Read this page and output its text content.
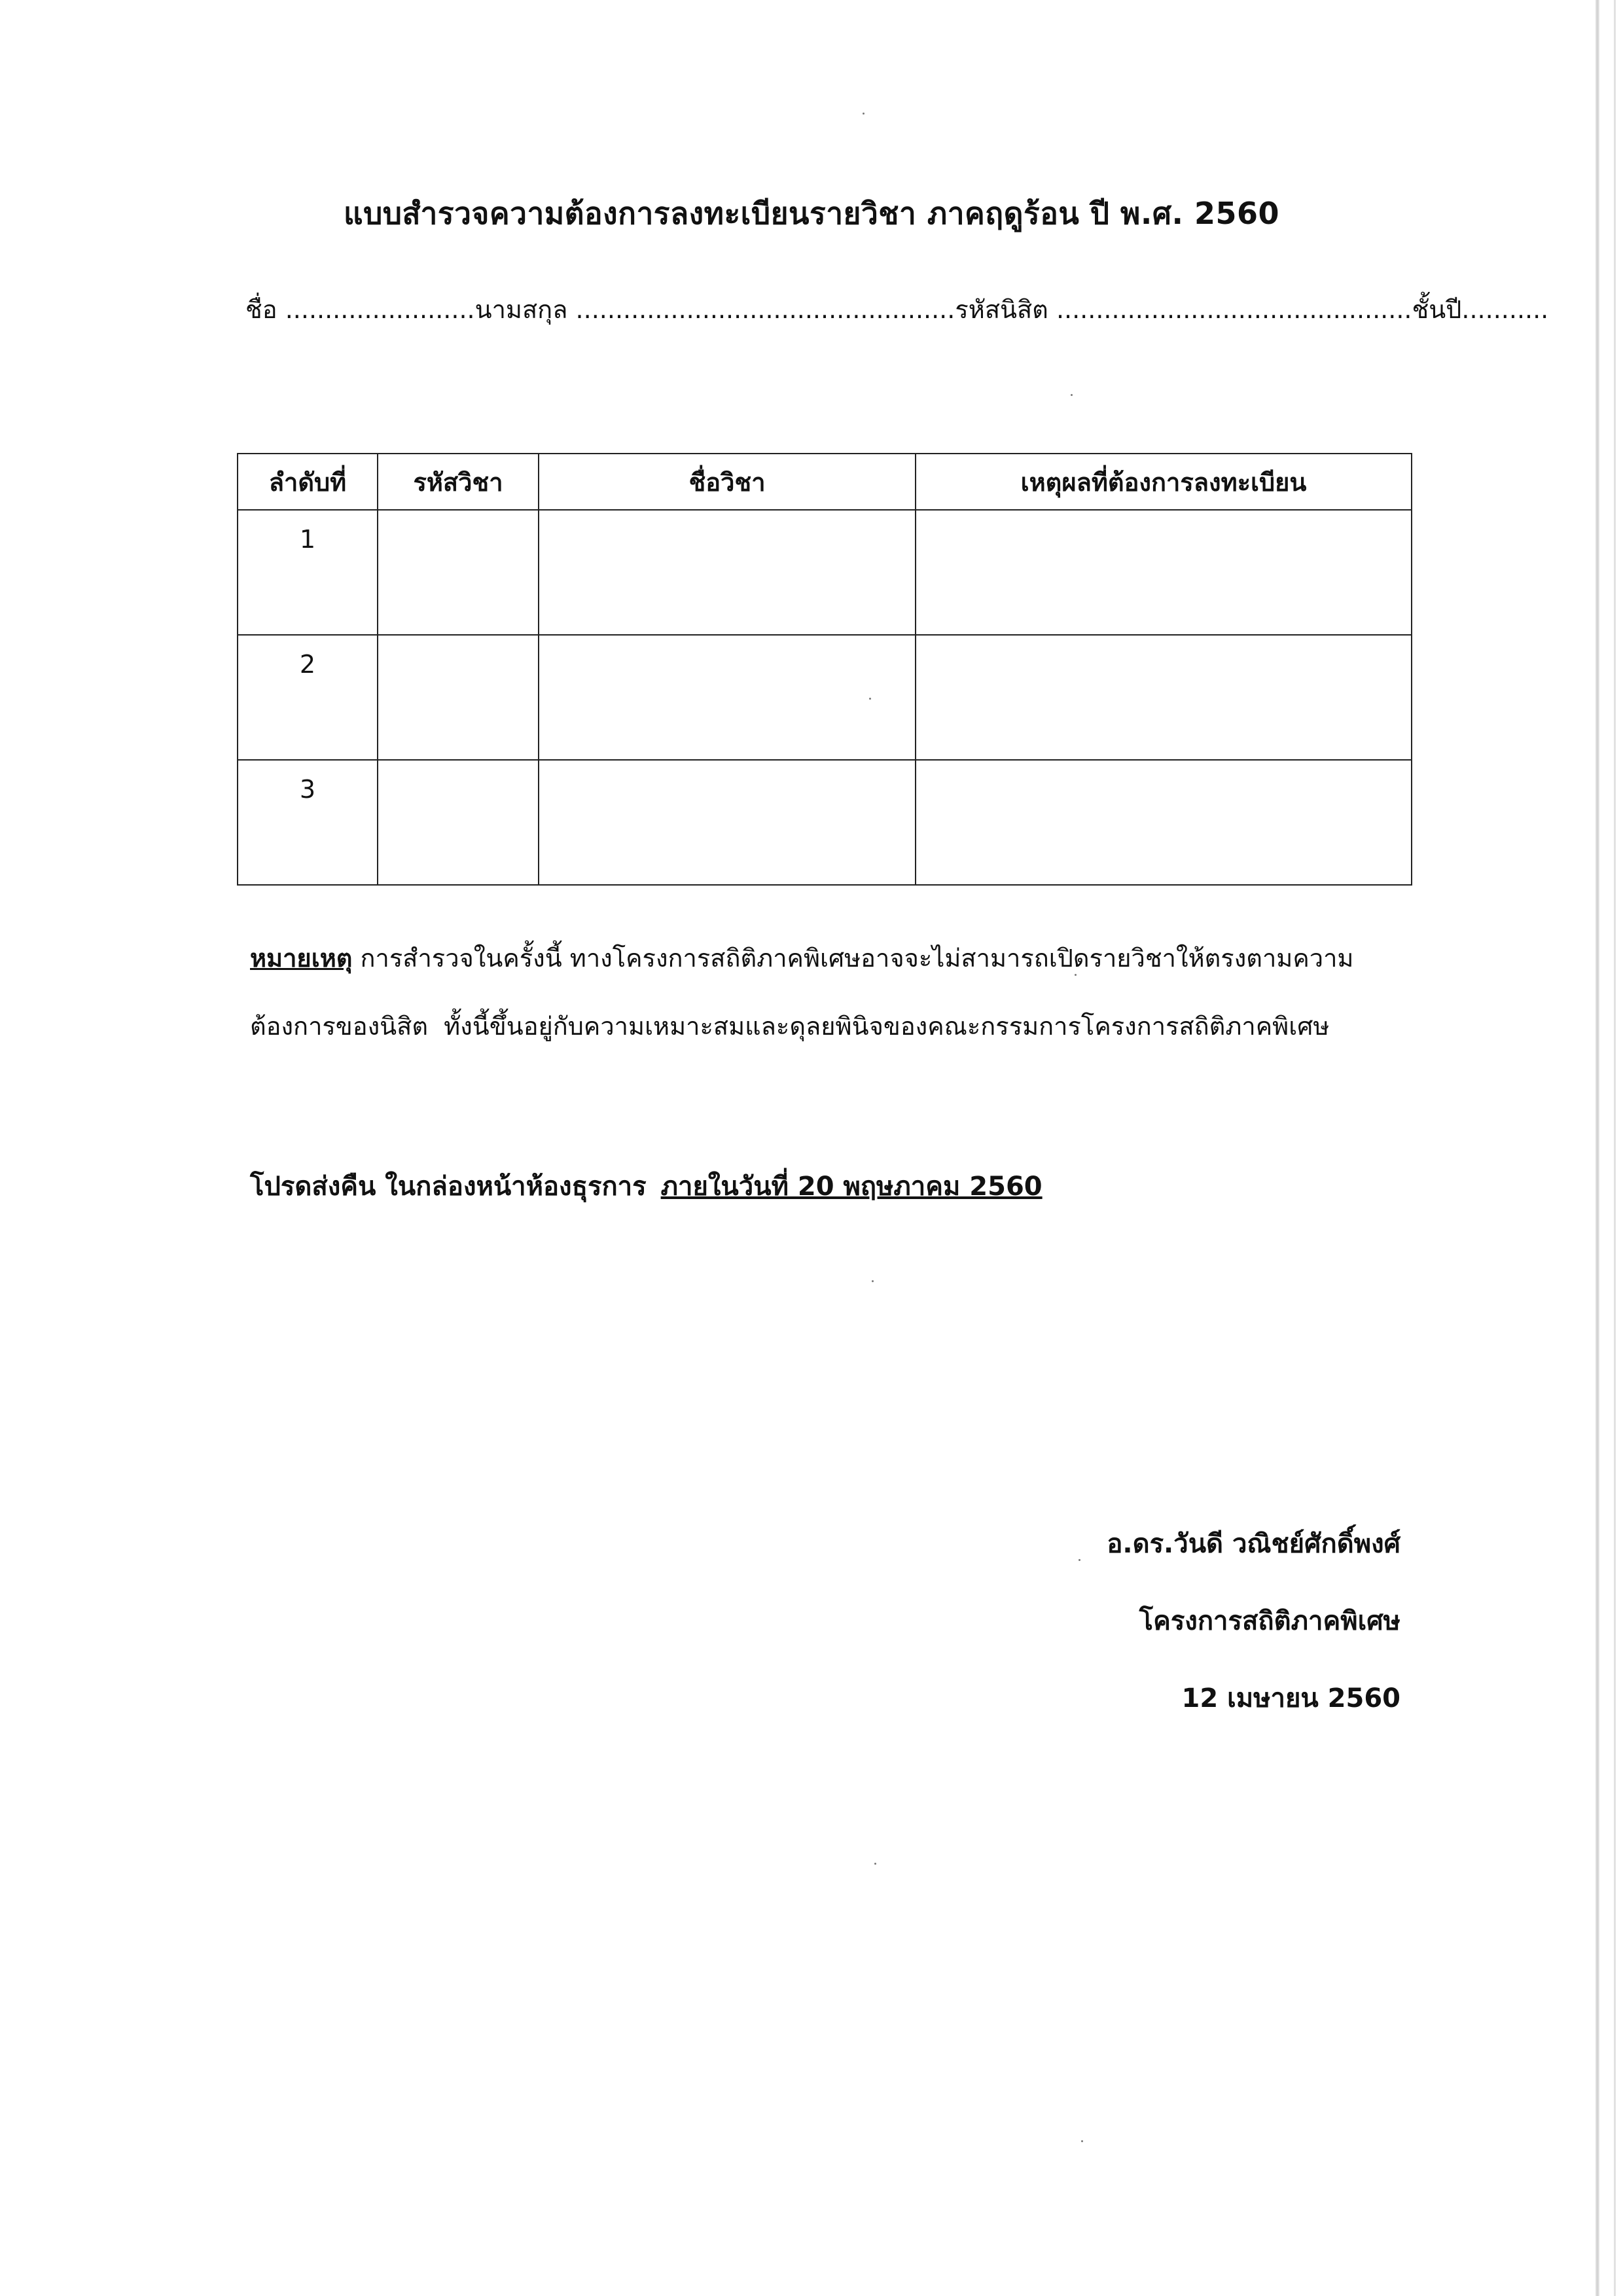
แบบสำรวจความต้องการลงทะเบียนรายวิชา ภาคฤดูร้อน ปี พ.ศ. 2560
ชื่อ ........................นามสกุล ................................................รหัสนิสิต .............................................ชั้นปี...........
ลำดับที่	รหัสวิชา	ชื่อวิชา	เหตุผลที่ต้องการลงทะเบียน
1			
2			
3			
หมายเหตุ การสำรวจในครั้งนี้ ทางโครงการสถิติภาคพิเศษอาจจะไม่สามารถเปิดรายวิชาให้ตรงตามความ
ต้องการของนิสิต  ทั้งนี้ขึ้นอยู่กับความเหมาะสมและดุลยพินิจของคณะกรรมการโครงการสถิติภาคพิเศษ
โปรดส่งคืน ในกล่องหน้าห้องธุรการ ภายในวันที่ 20 พฤษภาคม 2560
อ.ดร.วันดี วณิชย์ศักดิ์พงศ์
โครงการสถิติภาคพิเศษ
12 เมษายน 2560
